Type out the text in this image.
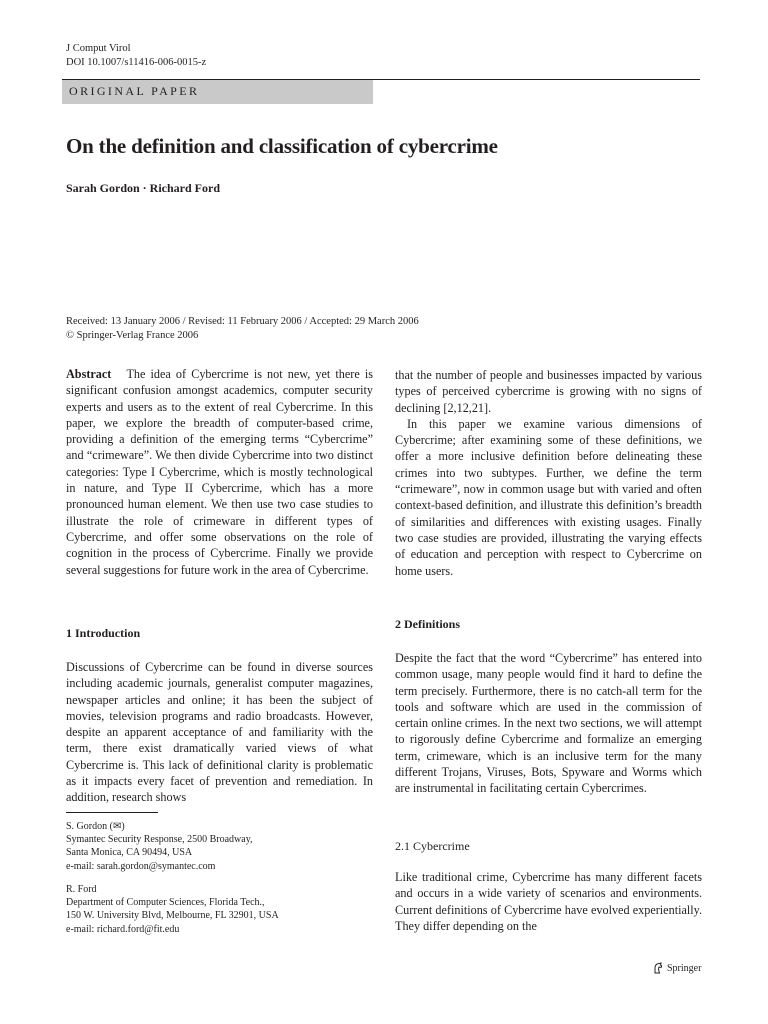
J Comput Virol
DOI 10.1007/s11416-006-0015-z
ORIGINAL PAPER
On the definition and classification of cybercrime
Sarah Gordon · Richard Ford
Received: 13 January 2006 / Revised: 11 February 2006 / Accepted: 29 March 2006
© Springer-Verlag France 2006

Abstract The idea of Cybercrime is not new, yet there is significant confusion amongst academics, computer security experts and users as to the extent of real Cybercrime. In this paper, we explore the breadth of computer-based crime, providing a definition of the emerging terms “Cybercrime” and “crimeware”. We then divide Cybercrime into two distinct categories: Type I Cybercrime, which is mostly technological in nature, and Type II Cybercrime, which has a more pronounced human element. We then use two case studies to illustrate the role of crimeware in different types of Cybercrime, and offer some observations on the role of cognition in the process of Cybercrime. Finally we provide several suggestions for future work in the area of Cybercrime.

1 Introduction

Discussions of Cybercrime can be found in diverse sources including academic journals, generalist computer magazines, newspaper articles and online; it has been the subject of movies, television programs and radio broadcasts. However, despite an apparent acceptance of and familiarity with the term, there exist dramatically varied views of what Cybercrime is. This lack of definitional clarity is problematic as it impacts every facet of prevention and remediation. In addition, research shows

S. Gordon (✉)
Symantec Security Response, 2500 Broadway,
Santa Monica, CA 90494, USA
e-mail: sarah.gordon@symantec.com
R. Ford
Department of Computer Sciences, Florida Tech.,
150 W. University Blvd, Melbourne, FL 32901, USA
e-mail: richard.ford@fit.edu

that the number of people and businesses impacted by various types of perceived cybercrime is growing with no signs of declining [2,12,21].

In this paper we examine various dimensions of Cybercrime; after examining some of these definitions, we offer a more inclusive definition before delineating these crimes into two subtypes. Further, we define the term “crimeware”, now in common usage but with varied and often context-based definition, and illustrate this definition’s breadth of similarities and differences with existing usages. Finally two case studies are provided, illustrating the varying effects of education and perception with respect to Cybercrime on home users.

2 Definitions

Despite the fact that the word “Cybercrime” has entered into common usage, many people would find it hard to define the term precisely. Furthermore, there is no catch-all term for the tools and software which are used in the commission of certain online crimes. In the next two sections, we will attempt to rigorously define Cybercrime and formalize an emerging term, crimeware, which is an inclusive term for the many different Trojans, Viruses, Bots, Spyware and Worms which are instrumental in facilitating certain Cybercrimes.

2.1 Cybercrime

Like traditional crime, Cybercrime has many different facets and occurs in a wide variety of scenarios and environments. Current definitions of Cybercrime have evolved experientially. They differ depending on the

Springer
